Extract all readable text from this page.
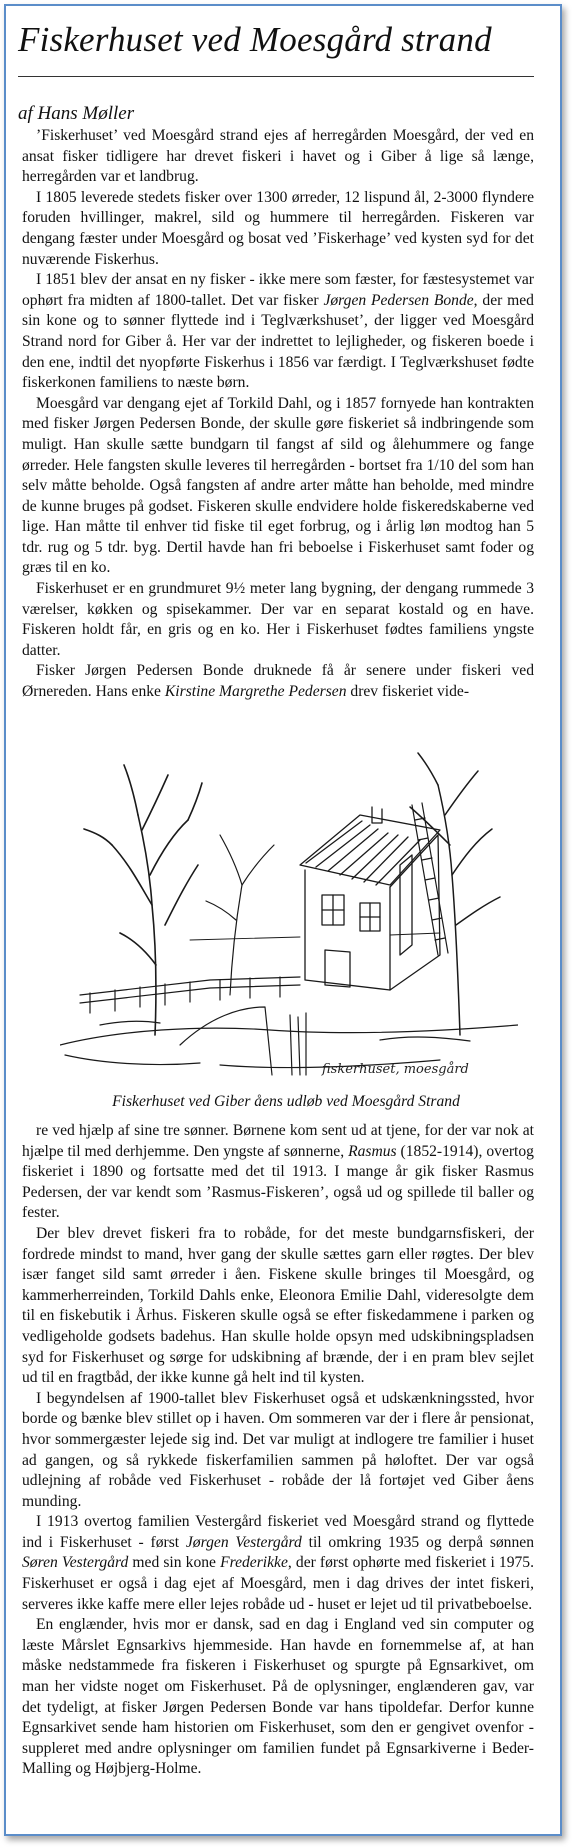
Fiskerhuset ved Moesgård strand
af Hans Møller

’Fiskerhuset’ ved Moesgård strand ejes af herregården Moesgård, der ved en ansat fisker tidligere har drevet fiskeri i havet og i Giber å lige så længe, herregården var et landbrug.

I 1805 leverede stedets fisker over 1300 ørreder, 12 lispund ål, 2-3000 flyndere foruden hvillinger, makrel, sild og hummere til herregården. Fiskeren var dengang fæster under Moesgård og bosat ved ’Fiskerhage’ ved kysten syd for det nuværende Fiskerhus.

I 1851 blev der ansat en ny fisker - ikke mere som fæster, for fæstesystemet var ophørt fra midten af 1800-tallet. Det var fisker Jørgen Pedersen Bonde, der med sin kone og to sønner flyttede ind i Teglværkshuset’, der ligger ved Moesgård Strand nord for Giber å. Her var der indrettet to lejligheder, og fiskeren boede i den ene, indtil det nyopførte Fiskerhus i 1856 var færdigt. I Teglværkshuset fødte fiskerkonen familiens to næste børn.

Moesgård var dengang ejet af Torkild Dahl, og i 1857 fornyede han kontrakten med fisker Jørgen Pedersen Bonde, der skulle gøre fiskeriet så indbringende som muligt. Han skulle sætte bundgarn til fangst af sild og ålehummere og fange ørreder. Hele fangsten skulle leveres til herregården - bortset fra 1/10 del som han selv måtte beholde. Også fangsten af andre arter måtte han beholde, med mindre de kunne bruges på godset. Fiskeren skulle endvidere holde fiskeredskaberne ved lige. Han måtte til enhver tid fiske til eget forbrug, og i årlig løn modtog han 5 tdr. rug og 5 tdr. byg. Dertil havde han fri beboelse i Fiskerhuset samt foder og græs til en ko.

Fiskerhuset er en grundmuret 9½ meter lang bygning, der dengang rummede 3 værelser, køkken og spisekammer. Der var en separat kostald og en have. Fiskeren holdt får, en gris og en ko. Her i Fiskerhuset fødtes familiens yngste datter.

Fisker Jørgen Pedersen Bonde druknede få år senere under fiskeri ved Ørnereden. Hans enke Kirstine Margrethe Pedersen drev fiskeriet vide-

fiskerhuset, moesgård
Fiskerhuset ved Giber åens udløb ved Moesgård Strand

re ved hjælp af sine tre sønner. Børnene kom sent ud at tjene, for der var nok at hjælpe til med derhjemme. Den yngste af sønnerne, Rasmus (1852-1914), overtog fiskeriet i 1890 og fortsatte med det til 1913. I mange år gik fisker Rasmus Pedersen, der var kendt som ’Rasmus-Fiskeren’, også ud og spillede til baller og fester.

Der blev drevet fiskeri fra to robåde, for det meste bundgarnsfiskeri, der fordrede mindst to mand, hver gang der skulle sættes garn eller røgtes. Der blev især fanget sild samt ørreder i åen. Fiskene skulle bringes til Moesgård, og kammerherreinden, Torkild Dahls enke, Eleonora Emilie Dahl, videresolgte dem til en fiskebutik i Århus. Fiskeren skulle også se efter fiskedammene i parken og vedligeholde godsets badehus. Han skulle holde opsyn med udskibningspladsen syd for Fiskerhuset og sørge for udskibning af brænde, der i en pram blev sejlet ud til en fragtbåd, der ikke kunne gå helt ind til kysten.

I begyndelsen af 1900-tallet blev Fiskerhuset også et udskænkningssted, hvor borde og bænke blev stillet op i haven. Om sommeren var der i flere år pensionat, hvor sommergæster lejede sig ind. Det var muligt at indlogere tre familier i huset ad gangen, og så rykkede fiskerfamilien sammen på høloftet. Der var også udlejning af robåde ved Fiskerhuset - robåde der lå fortøjet ved Giber åens munding.

I 1913 overtog familien Vestergård fiskeriet ved Moesgård strand og flyttede ind i Fiskerhuset - først Jørgen Vestergård til omkring 1935 og derpå sønnen Søren Vestergård med sin kone Frederikke, der først ophørte med fiskeriet i 1975. Fiskerhuset er også i dag ejet af Moesgård, men i dag drives der intet fiskeri, serveres ikke kaffe mere eller lejes robåde ud - huset er lejet ud til privatbeboelse.

En englænder, hvis mor er dansk, sad en dag i England ved sin computer og læste Mårslet Egnsarkivs hjemmeside. Han havde en fornemmelse af, at han måske nedstammede fra fiskeren i Fiskerhuset og spurgte på Egnsarkivet, om man her vidste noget om Fiskerhuset. På de oplysninger, englænderen gav, var det tydeligt, at fisker Jørgen Pedersen Bonde var hans tipoldefar. Derfor kunne Egnsarkivet sende ham historien om Fiskerhuset, som den er gengivet ovenfor - suppleret med andre oplysninger om familien fundet på Egnsarkiverne i Beder-Malling og Højbjerg-Holme.
